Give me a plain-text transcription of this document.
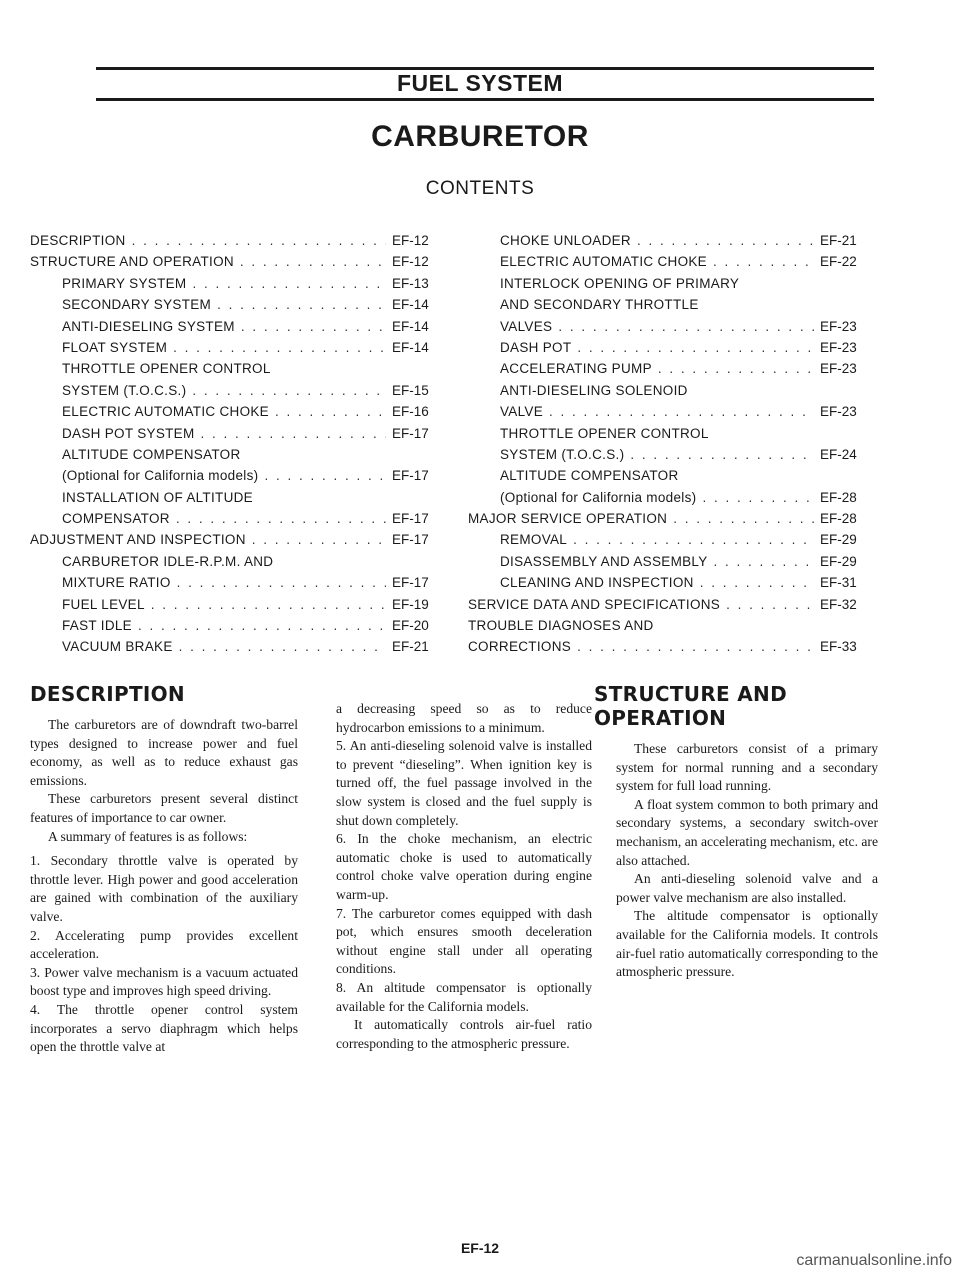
FUEL SYSTEM
CARBURETOR
CONTENTS
DESCRIPTION . . .	EF-12
STRUCTURE AND OPERATION . . .	EF-12
PRIMARY SYSTEM . . .	EF-13
SECONDARY SYSTEM . . .	EF-14
ANTI-DIESELING SYSTEM . . .	EF-14
FLOAT SYSTEM . . .	EF-14
THROTTLE OPENER CONTROL
SYSTEM (T.O.C.S.) . . .	EF-15
ELECTRIC AUTOMATIC CHOKE . . .	EF-16
DASH POT SYSTEM . . .	EF-17
ALTITUDE COMPENSATOR
(Optional for California models) . . .	EF-17
INSTALLATION OF ALTITUDE
COMPENSATOR . . .	EF-17
ADJUSTMENT AND INSPECTION . . .	EF-17
CARBURETOR IDLE-R.P.M. AND
MIXTURE RATIO . . .	EF-17
FUEL LEVEL . . .	EF-19
FAST IDLE . . .	EF-20
VACUUM BRAKE . . .	EF-21
CHOKE UNLOADER . . .	EF-21
ELECTRIC AUTOMATIC CHOKE . . .	EF-22
INTERLOCK OPENING OF PRIMARY
AND SECONDARY THROTTLE
VALVES . . .	EF-23
DASH POT . . .	EF-23
ACCELERATING PUMP . . .	EF-23
ANTI-DIESELING SOLENOID
VALVE . . .	EF-23
THROTTLE OPENER CONTROL
SYSTEM (T.O.C.S.) . . .	EF-24
ALTITUDE COMPENSATOR
(Optional for California models) . . .	EF-28
MAJOR SERVICE OPERATION . . .	EF-28
REMOVAL . . .	EF-29
DISASSEMBLY AND ASSEMBLY . . .	EF-29
CLEANING AND INSPECTION . . .	EF-31
SERVICE DATA AND SPECIFICATIONS . . .	EF-32
TROUBLE DIAGNOSES AND
CORRECTIONS . . .	EF-33
DESCRIPTION

The carburetors are of downdraft two-barrel types designed to increase power and fuel economy, as well as to reduce exhaust gas emissions.

These carburetors present several distinct features of importance to car owner.

A summary of features is as follows:

1. Secondary throttle valve is operated by throttle lever. High power and good acceleration are gained with combination of the auxiliary valve.

2. Accelerating pump provides excellent acceleration.

3. Power valve mechanism is a vacuum actuated boost type and improves high speed driving.

4. The throttle opener control system incorporates a servo diaphragm which helps open the throttle valve at

a decreasing speed so as to reduce hydrocarbon emissions to a minimum.

5. An anti-dieseling solenoid valve is installed to prevent “dieseling”. When ignition key is turned off, the fuel passage involved in the slow system is closed and the fuel supply is shut down completely.

6. In the choke mechanism, an electric automatic choke is used to automatically control choke valve operation during engine warm-up.

7. The carburetor comes equipped with dash pot, which ensures smooth deceleration without engine stall under all operating conditions.

8. An altitude compensator is optionally available for the California models.

It automatically controls air-fuel ratio corresponding to the atmospheric pressure.

STRUCTURE AND OPERATION

These carburetors consist of a primary system for normal running and a secondary system for full load running.

A float system common to both primary and secondary systems, a secondary switch-over mechanism, an accelerating mechanism, etc. are also attached.

An anti-dieseling solenoid valve and a power valve mechanism are also installed.

The altitude compensator is optionally available for the California models. It controls air-fuel ratio automatically corresponding to the atmospheric pressure.

EF-12
carmanualsonline.info
